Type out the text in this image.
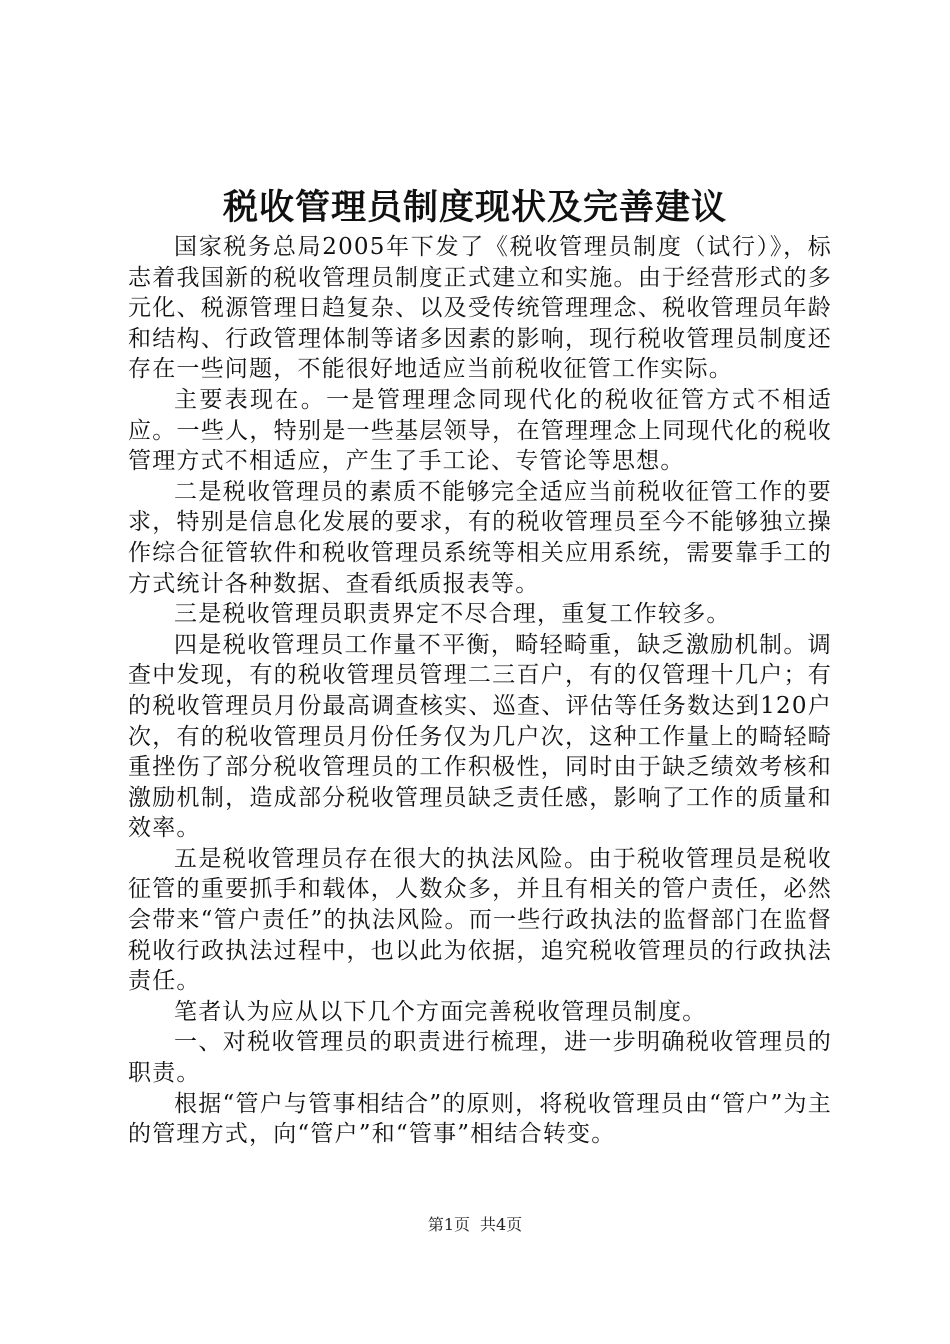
税收管理员制度现状及完善建议

国家税务总局2005年下发了《税收管理员制度（试行）》，标志着我国新的税收管理员制度正式建立和实施。由于经营形式的多元化、税源管理日趋复杂、以及受传统管理理念、税收管理员年龄和结构、行政管理体制等诸多因素的影响，现行税收管理员制度还存在一些问题，不能很好地适应当前税收征管工作实际。

主要表现在。一是管理理念同现代化的税收征管方式不相适应。一些人，特别是一些基层领导，在管理理念上同现代化的税收管理方式不相适应，产生了手工论、专管论等思想。

二是税收管理员的素质不能够完全适应当前税收征管工作的要求，特别是信息化发展的要求，有的税收管理员至今不能够独立操作综合征管软件和税收管理员系统等相关应用系统，需要靠手工的方式统计各种数据、查看纸质报表等。

三是税收管理员职责界定不尽合理，重复工作较多。

四是税收管理员工作量不平衡，畸轻畸重，缺乏激励机制。调查中发现，有的税收管理员管理二三百户，有的仅管理十几户；有的税收管理员月份最高调查核实、巡查、评估等任务数达到120户次，有的税收管理员月份任务仅为几户次，这种工作量上的畸轻畸重挫伤了部分税收管理员的工作积极性，同时由于缺乏绩效考核和激励机制，造成部分税收管理员缺乏责任感，影响了工作的质量和效率。

五是税收管理员存在很大的执法风险。由于税收管理员是税收征管的重要抓手和载体，人数众多，并且有相关的管户责任，必然会带来“管户责任”的执法风险。而一些行政执法的监督部门在监督税收行政执法过程中，也以此为依据，追究税收管理员的行政执法责任。

笔者认为应从以下几个方面完善税收管理员制度。

一、对税收管理员的职责进行梳理，进一步明确税收管理员的职责。

根据“管户与管事相结合”的原则，将税收管理员由“管户”为主的管理方式，向“管户”和“管事”相结合转变。

第1页 共4页
